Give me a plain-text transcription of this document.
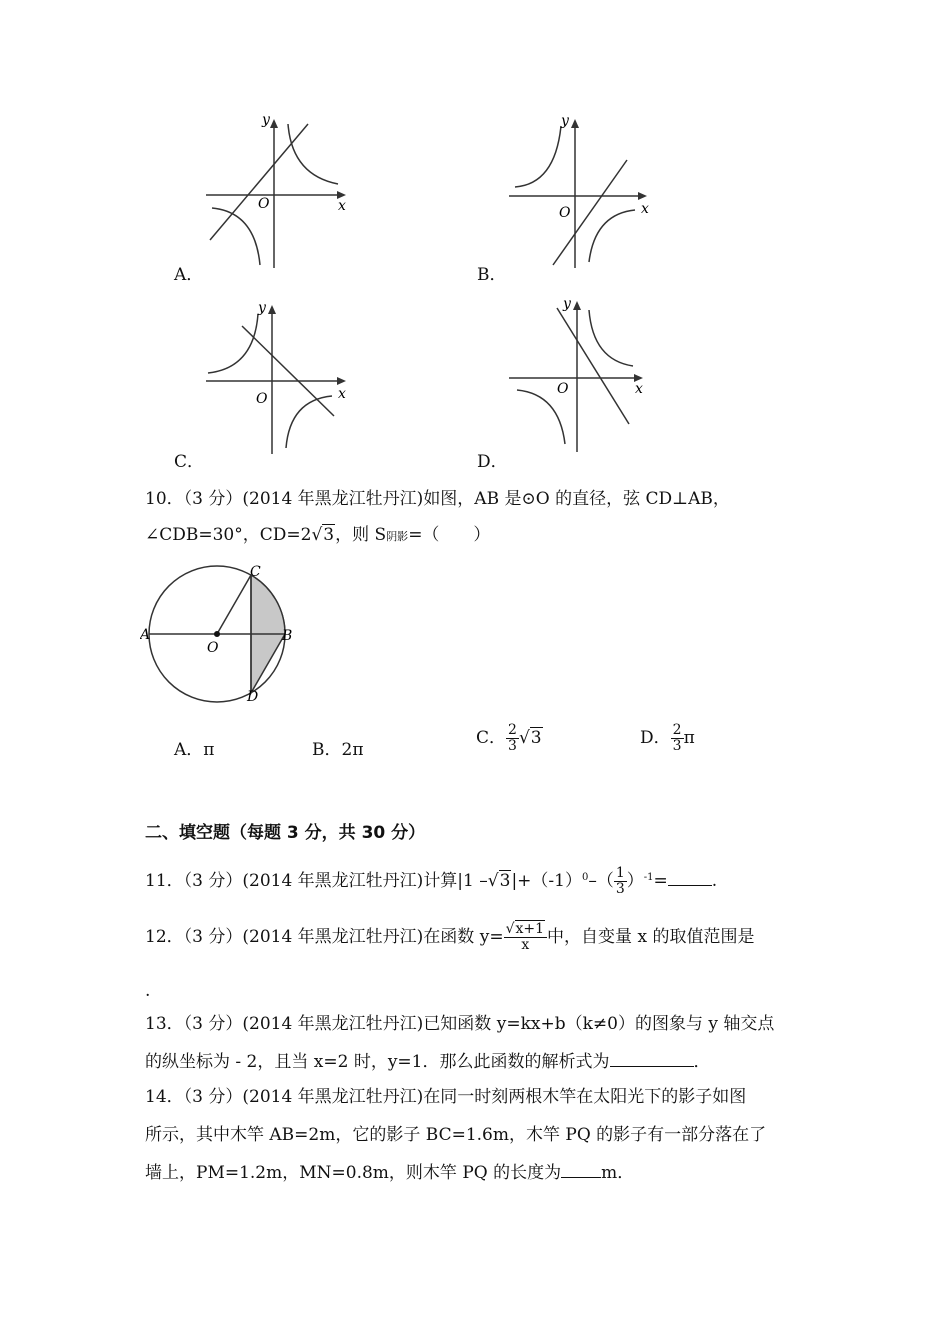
x
y
O
A．
x
y
O
B．
x
y
O
C．
x
y
O
D．
10．（3 分）(2014 年黑龙江牡丹江)如图，AB 是⊙O 的直径，弦 CD⊥AB，
∠CDB=30°，CD=2√3，则 S阴影=（　　）
A	B
C
D
O
A．π	B．2π
C． $\frac{2}{3} √3$	D． $\frac{2}{3}$ π
二、填空题（每题 3 分，共 30 分）
11．（3 分）(2014 年黑龙江牡丹江)计算|1 $-√3|+(-1)^0-( \frac{1}{3} )^{-1}=$	.
12．（3 分）(2014 年黑龙江牡丹江)在函数 $y= \frac{√x+1}{x}$ 中，自变量 x 的取值范围是
.
13．（3 分）(2014 年黑龙江牡丹江)已知函数 y=kx+b（k≠0）的图象与 y 轴交点
的纵坐标为 - 2，且当 x=2 时，y=1．那么此函数的解析式为	．
14．（3 分）(2014 年黑龙江牡丹江)在同一时刻两根木竿在太阳光下的影子如图
所示，其中木竿 AB=2m，它的影子 BC=1.6m，木竿 PQ 的影子有一部分落在了
墙上，PM=1.2m，MN=0.8m，则木竿 PQ 的长度为 m．
